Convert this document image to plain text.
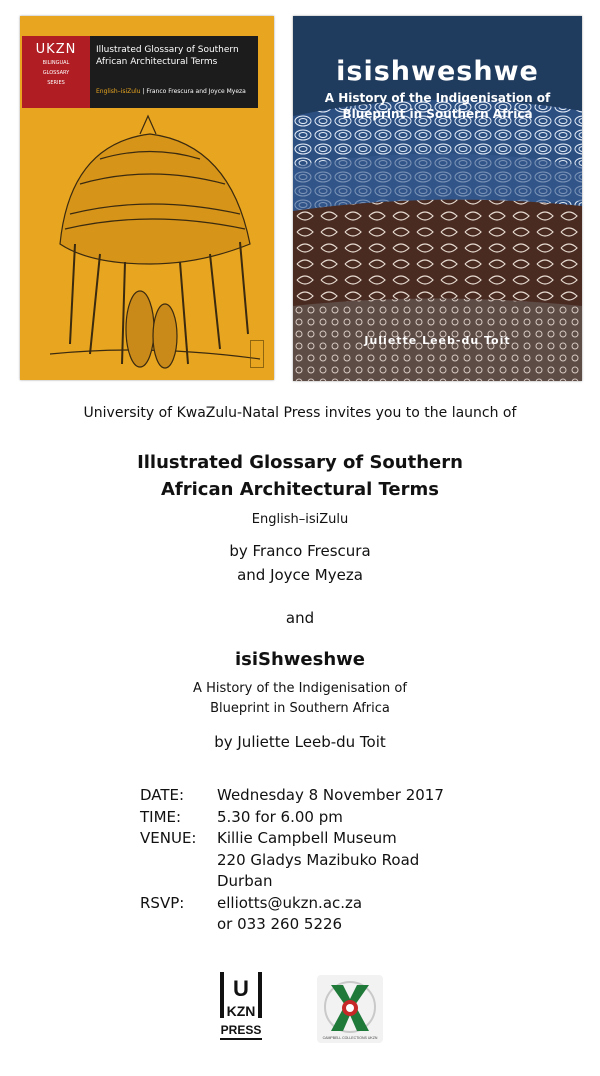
UKZN
BILINGUAL
GLOSSARY
SERIES
Illustrated Glossary of Southern African Architectural Terms
English–isiZulu | Franco Frescura and Joyce Myeza
isishweshwe
A History of the Indigenisation of
Blueprint in Southern Africa
Juliette Leeb-du Toit
University of KwaZulu-Natal Press invites you to the launch of
Illustrated Glossary of Southern
African Architectural Terms
English–isiZulu
by Franco Frescura
and Joyce Myeza
and
isiShweshwe
A History of the Indigenisation of
Blueprint in Southern Africa
by Juliette Leeb-du Toit
DATE: Wednesday 8 November 2017
TIME: 5.30 for 6.00 pm
VENUE: Killie Campbell Museum
220 Gladys Mazibuko Road
Durban
RSVP: elliotts@ukzn.ac.za
or 033 260 5226
U
KZN
PRESS
CAMPBELL COLLECTIONS UKZN
